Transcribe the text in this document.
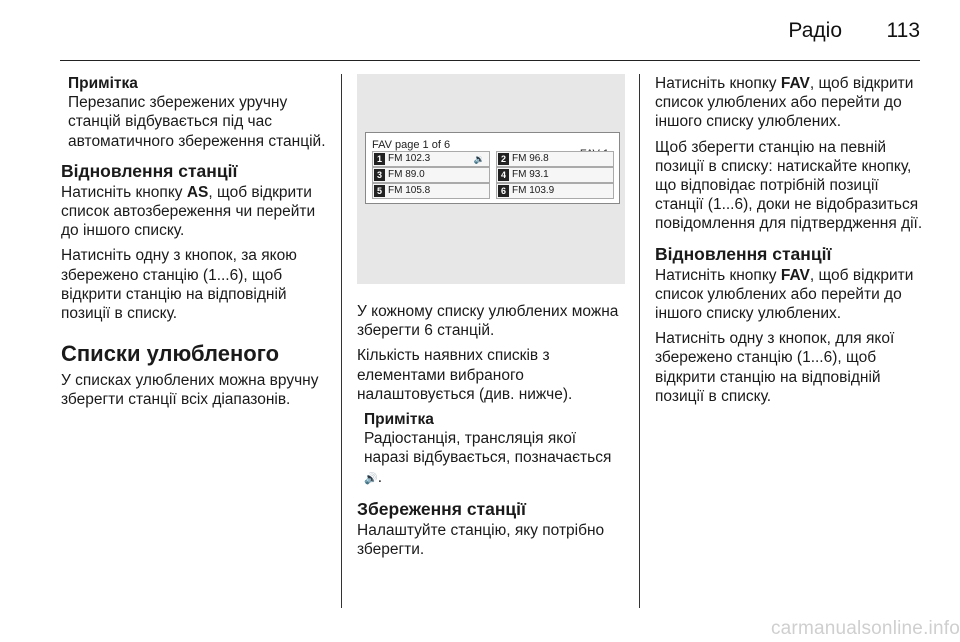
Радіо 113
Примітка
Перезапис збережених уручну станцій відбувається під час автоматичного збереження станцій.
Відновлення станції

Натисніть кнопку AS, щоб відкрити список автозбереження чи перейти до іншого списку.

Натисніть одну з кнопок, за якою збережено станцію (1...6), щоб відкрити станцію на відповідній позиції в списку.

Списки улюбленого

У списках улюблених можна вручну зберегти станції всіх діапазонів.

FAV page 1 of 6
1 FM 102.3	🔉	2 FM 96.8
3 FM 89.0	4 FM 93.1
5 FM 105.8	6 FM 103.9

У кожному списку улюблених можна зберегти 6 станцій.

Кількість наявних списків з елементами вибраного налаштовується (див. нижче).

Примітка
Радіостанція, трансляція якої наразі відбувається, позначається 🔊.
Збереження станції

Налаштуйте станцію, яку потрібно зберегти.

Натисніть кнопку FAV, щоб відкрити список улюблених або перейти до іншого списку улюблених.

Щоб зберегти станцію на певній позиції в списку: натискайте кнопку, що відповідає потрібній позиції станції (1...6), доки не відобразиться повідомлення для підтвердження дії.

Відновлення станції

Натисніть кнопку FAV, щоб відкрити список улюблених або перейти до іншого списку улюблених.

Натисніть одну з кнопок, для якої збережено станцію (1...6), щоб відкрити станцію на відповідній позиції в списку.

carmanualsonline.info
